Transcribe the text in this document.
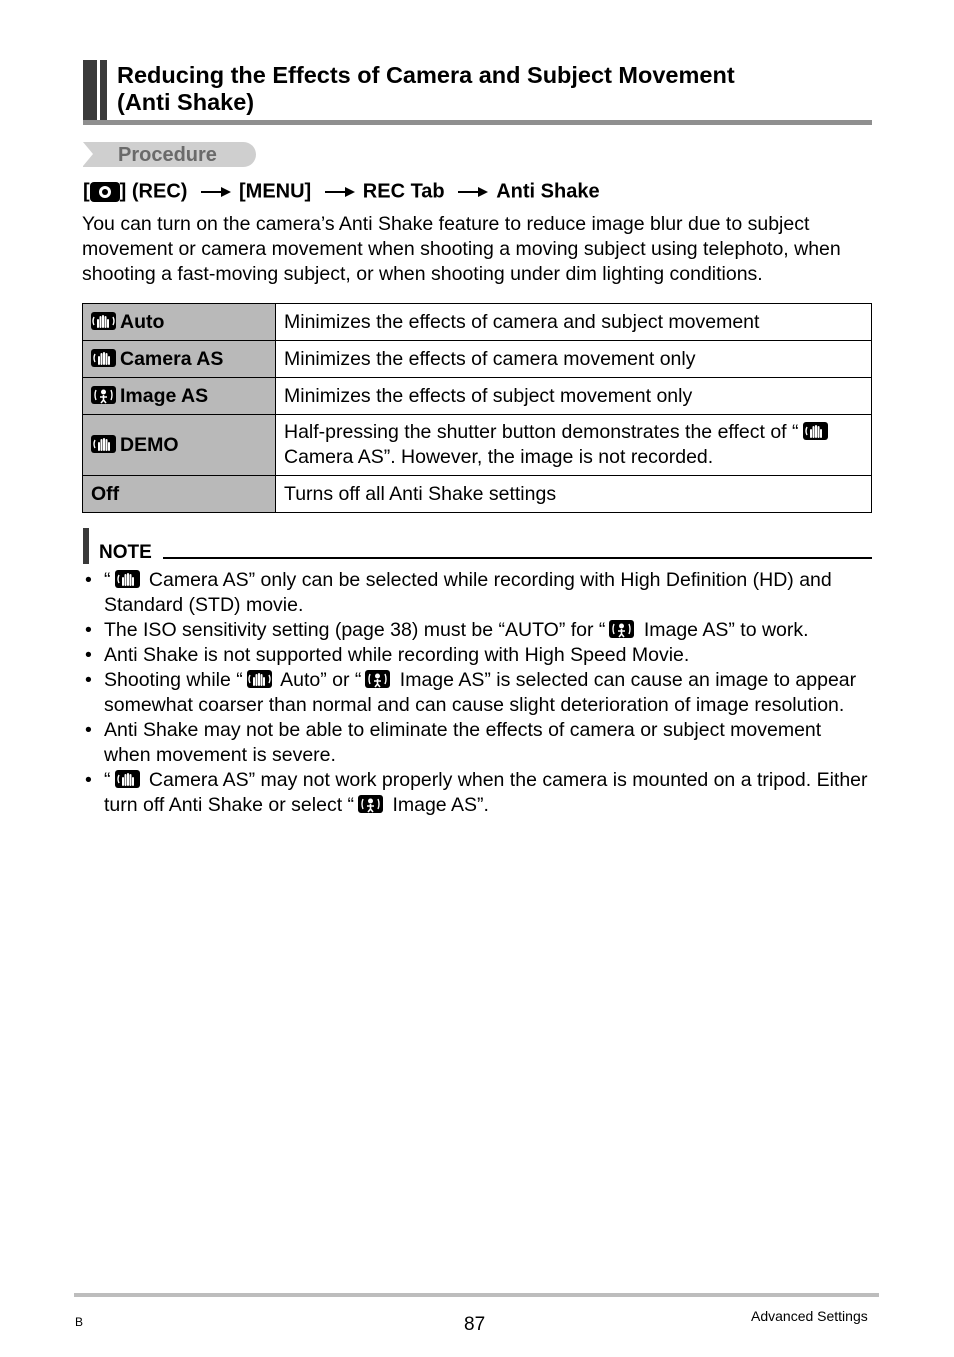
Reducing the Effects of Camera and Subject Movement
(Anti Shake)
Procedure
[ ] (REC)	[MENU]	REC Tab	Anti Shake
You can turn on the camera’s Anti Shake feature to reduce image blur due to subject movement or camera movement when shooting a moving subject using telephoto, when shooting a fast-moving subject, or when shooting under dim lighting conditions.
Auto	Minimizes the effects of camera and subject movement

Camera AS	Minimizes the effects of camera movement only

Image AS	Minimizes the effects of subject movement only

DEMO	Half-pressing the shutter button demonstrates the effect of “

Camera AS”. However, the image is not recorded.
Off	Turns off all Anti Shake settings
NOTE
• “
Camera AS” only can be selected while recording with High Definition (HD) and Standard (STD) movie.
• The ISO sensitivity setting (page 38) must be “AUTO” for “
Image AS” to work.
• Anti Shake is not supported while recording with High Speed Movie.
• Shooting while “
Auto” or “
Image AS” is selected can cause an image to appear somewhat coarser than normal and can cause slight deterioration of image resolution.
• Anti Shake may not be able to eliminate the effects of camera or subject movement when movement is severe.
• “
Camera AS” may not work properly when the camera is mounted on a tripod. Either turn off Anti Shake or select “
Image AS”.
B	87	Advanced Settings
